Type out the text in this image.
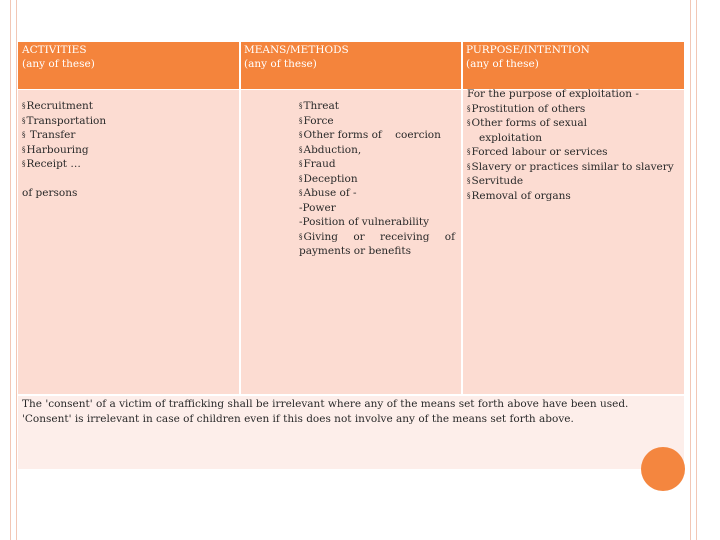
ACTIVITIES
(any of these)
MEANS/METHODS
(any of these)
PURPOSE/INTENTION
(any of these)
§Recruitment
§Transportation
§ Transfer
§Harbouring
§Receipt …
of persons
§Threat
§Force
§Other forms of    coercion
§Abduction,
§Fraud
§Deception
§Abuse of -
-Power
-Position of vulnerability
§Giving or receiving of
payments or benefits
For the purpose of exploitation -
§Prostitution of others
§Other forms of sexual
exploitation
§Forced labour or services
§Slavery or practices similar to slavery
§Servitude
§Removal of organs
The 'consent' of a victim of trafficking shall be irrelevant where any of the means set forth above have been used.
'Consent' is irrelevant in case of children even if this does not involve any of the means set forth above.
